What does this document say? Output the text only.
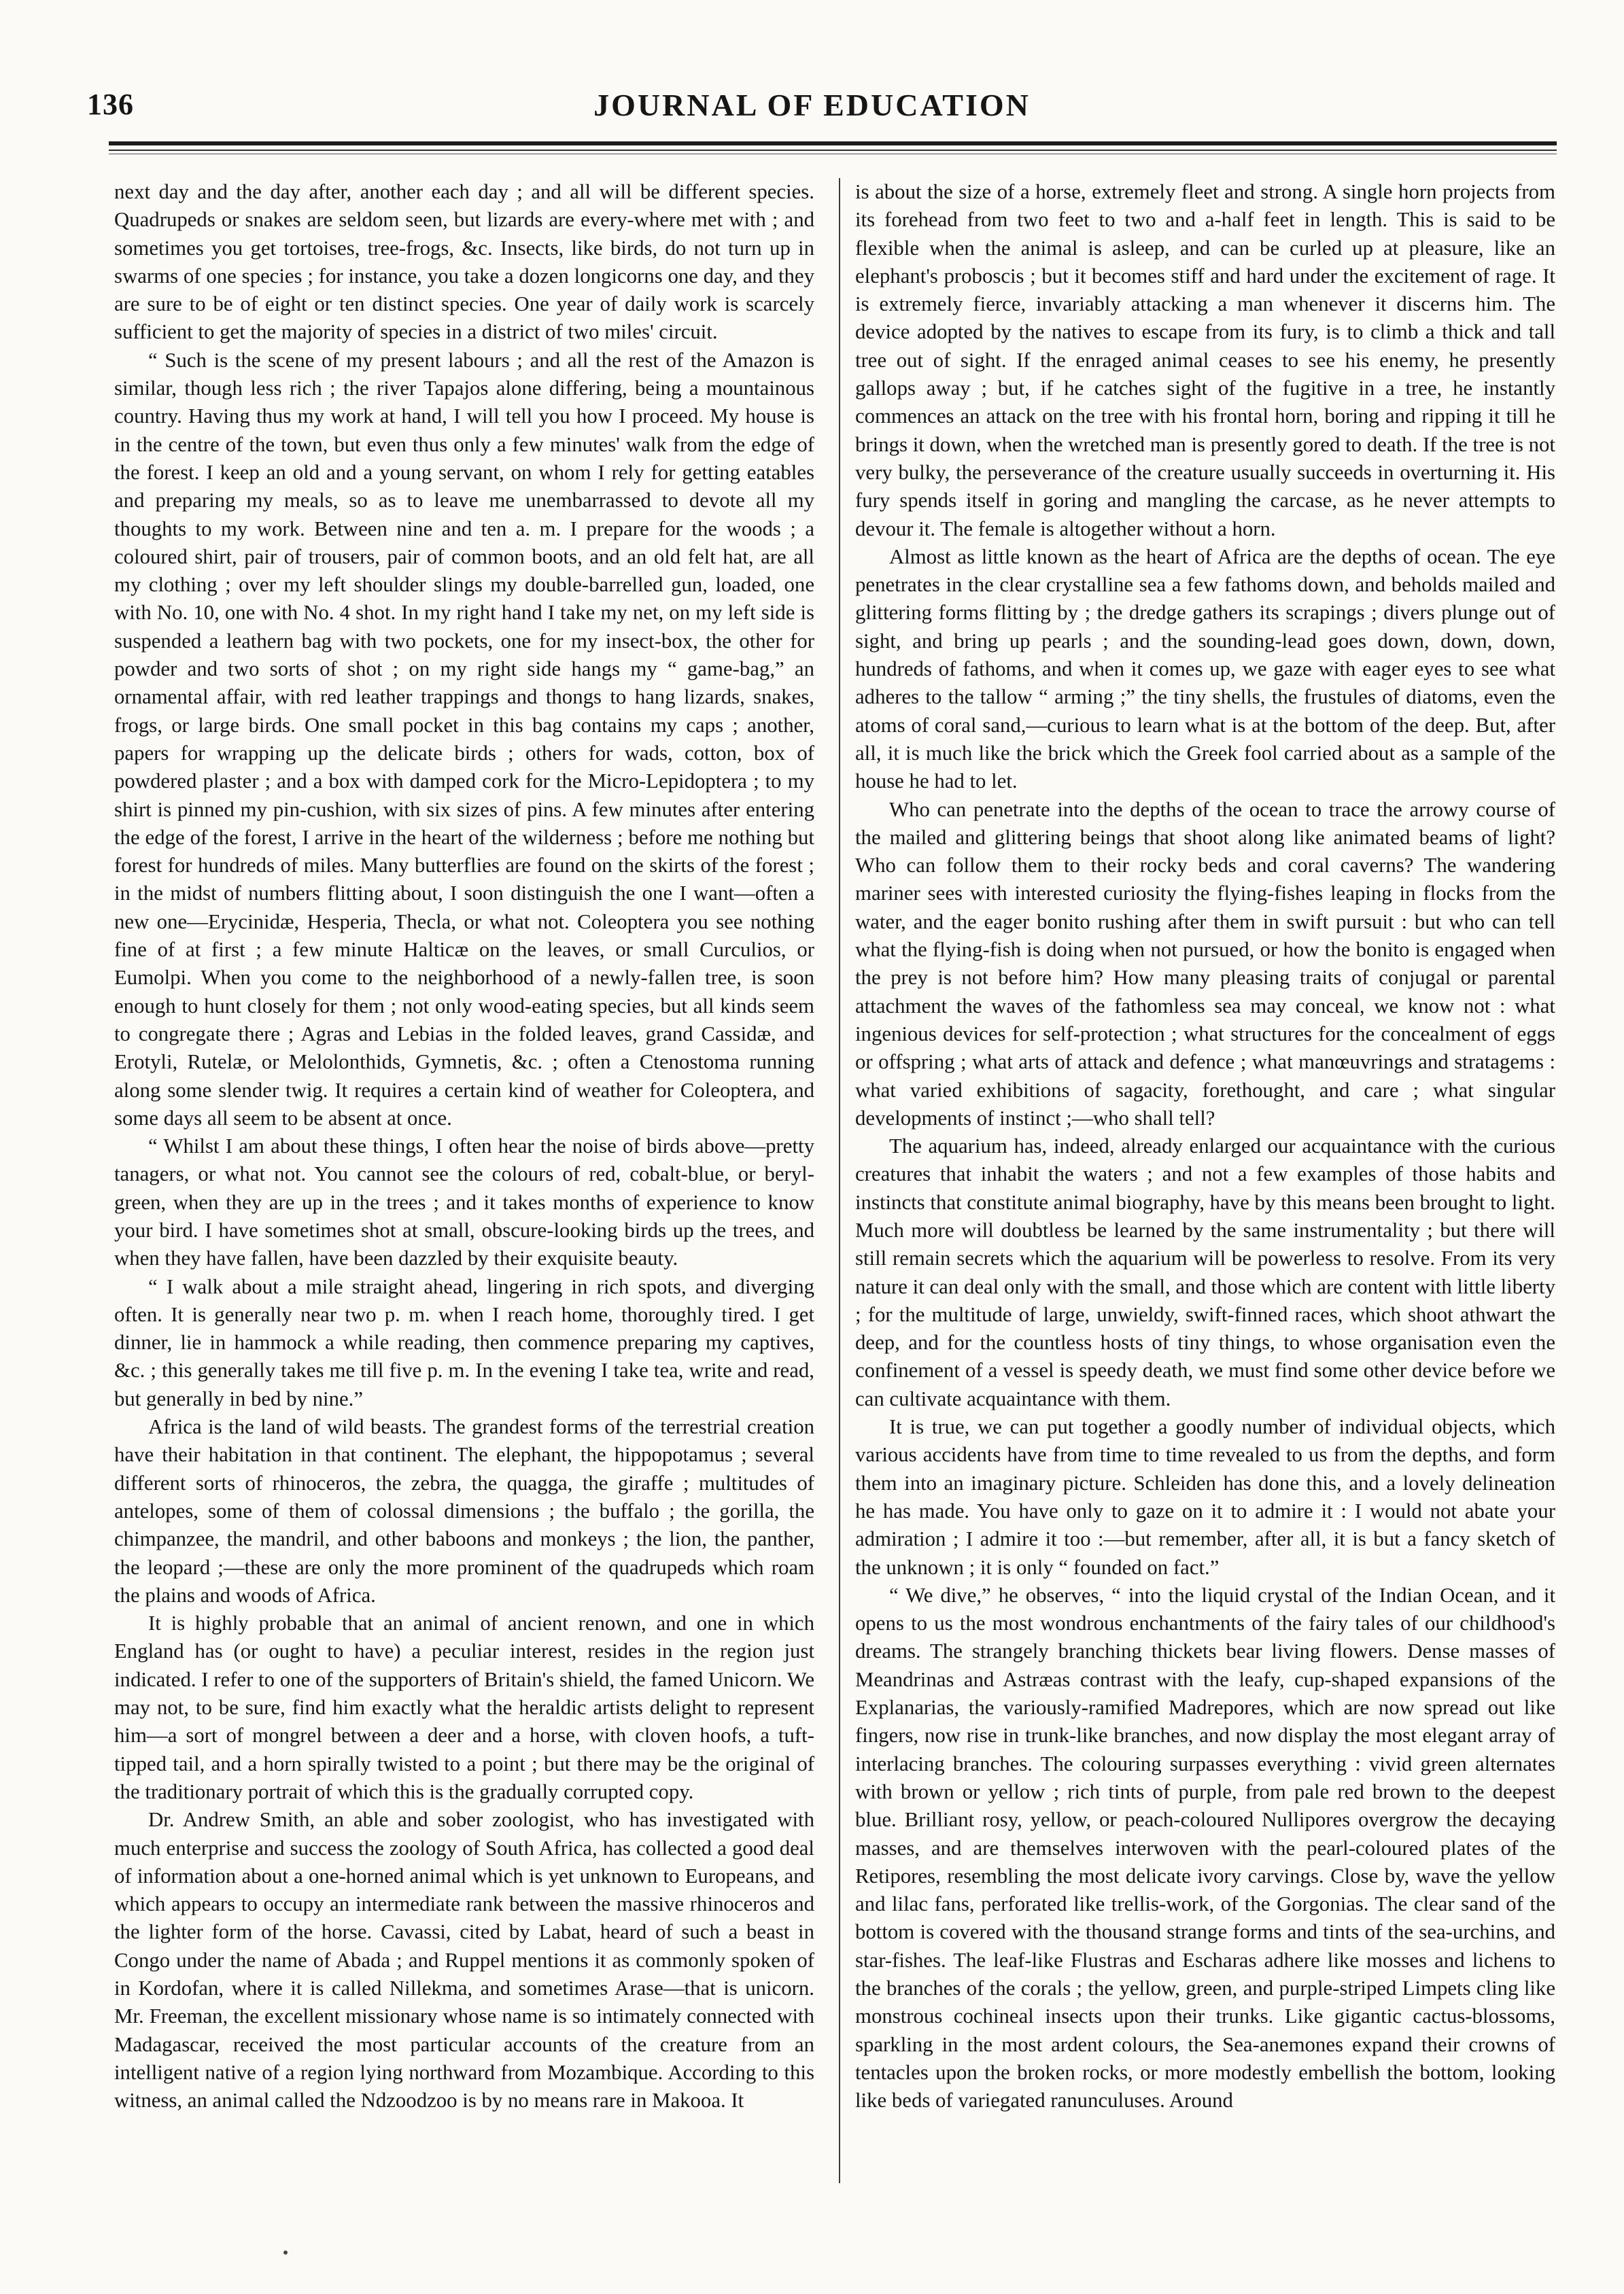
136	JOURNAL OF EDUCATION

next day and the day after, another each day ; and all will be different species. Quadrupeds or snakes are seldom seen, but lizards are every-where met with ; and sometimes you get tortoises, tree-frogs, &c. Insects, like birds, do not turn up in swarms of one species ; for instance, you take a dozen longicorns one day, and they are sure to be of eight or ten distinct species. One year of daily work is scarcely sufficient to get the majority of species in a district of two miles' circuit.

“ Such is the scene of my present labours ; and all the rest of the Amazon is similar, though less rich ; the river Tapajos alone differing, being a mountainous country. Having thus my work at hand, I will tell you how I proceed. My house is in the centre of the town, but even thus only a few minutes' walk from the edge of the forest. I keep an old and a young servant, on whom I rely for getting eatables and preparing my meals, so as to leave me unembarrassed to devote all my thoughts to my work. Between nine and ten a. m. I prepare for the woods ; a coloured shirt, pair of trousers, pair of common boots, and an old felt hat, are all my clothing ; over my left shoulder slings my double-barrelled gun, loaded, one with No. 10, one with No. 4 shot. In my right hand I take my net, on my left side is suspended a leathern bag with two pockets, one for my insect-box, the other for powder and two sorts of shot ; on my right side hangs my “ game-bag,” an ornamental affair, with red leather trappings and thongs to hang lizards, snakes, frogs, or large birds. One small pocket in this bag contains my caps ; another, papers for wrapping up the delicate birds ; others for wads, cotton, box of powdered plaster ; and a box with damped cork for the Micro-Lepidoptera ; to my shirt is pinned my pin-cushion, with six sizes of pins. A few minutes after entering the edge of the forest, I arrive in the heart of the wilderness ; before me nothing but forest for hundreds of miles. Many butterflies are found on the skirts of the forest ; in the midst of numbers flitting about, I soon distinguish the one I want—often a new one—Erycinidæ, Hesperia, Thecla, or what not. Coleoptera you see nothing fine of at first ; a few minute Halticæ on the leaves, or small Curculios, or Eumolpi. When you come to the neighborhood of a newly-fallen tree, is soon enough to hunt closely for them ; not only wood-eating species, but all kinds seem to congregate there ; Agras and Lebias in the folded leaves, grand Cassidæ, and Erotyli, Rutelæ, or Melolonthids, Gymnetis, &c. ; often a Ctenostoma running along some slender twig. It requires a certain kind of weather for Coleoptera, and some days all seem to be absent at once.

“ Whilst I am about these things, I often hear the noise of birds above—pretty tanagers, or what not. You cannot see the colours of red, cobalt-blue, or beryl-green, when they are up in the trees ; and it takes months of experience to know your bird. I have sometimes shot at small, obscure-looking birds up the trees, and when they have fallen, have been dazzled by their exquisite beauty.

“ I walk about a mile straight ahead, lingering in rich spots, and diverging often. It is generally near two p. m. when I reach home, thoroughly tired. I get dinner, lie in hammock a while reading, then commence preparing my captives, &c. ; this generally takes me till five p. m. In the evening I take tea, write and read, but generally in bed by nine.”

Africa is the land of wild beasts. The grandest forms of the terrestrial creation have their habitation in that continent. The elephant, the hippopotamus ; several different sorts of rhinoceros, the zebra, the quagga, the giraffe ; multitudes of antelopes, some of them of colossal dimensions ; the buffalo ; the gorilla, the chimpanzee, the mandril, and other baboons and monkeys ; the lion, the panther, the leopard ;—these are only the more prominent of the quadrupeds which roam the plains and woods of Africa.

It is highly probable that an animal of ancient renown, and one in which England has (or ought to have) a peculiar interest, resides in the region just indicated. I refer to one of the supporters of Britain's shield, the famed Unicorn. We may not, to be sure, find him exactly what the heraldic artists delight to represent him—a sort of mongrel between a deer and a horse, with cloven hoofs, a tuft-tipped tail, and a horn spirally twisted to a point ; but there may be the original of the traditionary portrait of which this is the gradually corrupted copy.

Dr. Andrew Smith, an able and sober zoologist, who has investigated with much enterprise and success the zoology of South Africa, has collected a good deal of information about a one-horned animal which is yet unknown to Europeans, and which appears to occupy an intermediate rank between the massive rhinoceros and the lighter form of the horse. Cavassi, cited by Labat, heard of such a beast in Congo under the name of Abada ; and Ruppel mentions it as commonly spoken of in Kordofan, where it is called Nillekma, and sometimes Arase—that is unicorn. Mr. Freeman, the excellent missionary whose name is so intimately connected with Madagascar, received the most particular accounts of the creature from an intelligent native of a region lying northward from Mozambique. According to this witness, an animal called the Ndzoodzoo is by no means rare in Makooa. It

is about the size of a horse, extremely fleet and strong. A single horn projects from its forehead from two feet to two and a-half feet in length. This is said to be flexible when the animal is asleep, and can be curled up at pleasure, like an elephant's proboscis ; but it becomes stiff and hard under the excitement of rage. It is extremely fierce, invariably attacking a man whenever it discerns him. The device adopted by the natives to escape from its fury, is to climb a thick and tall tree out of sight. If the enraged animal ceases to see his enemy, he presently gallops away ; but, if he catches sight of the fugitive in a tree, he instantly commences an attack on the tree with his frontal horn, boring and ripping it till he brings it down, when the wretched man is presently gored to death. If the tree is not very bulky, the perseverance of the creature usually succeeds in overturning it. His fury spends itself in goring and mangling the carcase, as he never attempts to devour it. The female is altogether without a horn.

Almost as little known as the heart of Africa are the depths of ocean. The eye penetrates in the clear crystalline sea a few fathoms down, and beholds mailed and glittering forms flitting by ; the dredge gathers its scrapings ; divers plunge out of sight, and bring up pearls ; and the sounding-lead goes down, down, down, hundreds of fathoms, and when it comes up, we gaze with eager eyes to see what adheres to the tallow “ arming ;” the tiny shells, the frustules of diatoms, even the atoms of coral sand,—curious to learn what is at the bottom of the deep. But, after all, it is much like the brick which the Greek fool carried about as a sample of the house he had to let.

Who can penetrate into the depths of the ocean to trace the arrowy course of the mailed and glittering beings that shoot along like animated beams of light? Who can follow them to their rocky beds and coral caverns? The wandering mariner sees with interested curiosity the flying-fishes leaping in flocks from the water, and the eager bonito rushing after them in swift pursuit : but who can tell what the flying-fish is doing when not pursued, or how the bonito is engaged when the prey is not before him? How many pleasing traits of conjugal or parental attachment the waves of the fathomless sea may conceal, we know not : what ingenious devices for self-protection ; what structures for the concealment of eggs or offspring ; what arts of attack and defence ; what manœuvrings and stratagems : what varied exhibitions of sagacity, forethought, and care ; what singular developments of instinct ;—who shall tell?

The aquarium has, indeed, already enlarged our acquaintance with the curious creatures that inhabit the waters ; and not a few examples of those habits and instincts that constitute animal biography, have by this means been brought to light. Much more will doubtless be learned by the same instrumentality ; but there will still remain secrets which the aquarium will be powerless to resolve. From its very nature it can deal only with the small, and those which are content with little liberty ; for the multitude of large, unwieldy, swift-finned races, which shoot athwart the deep, and for the countless hosts of tiny things, to whose organisation even the confinement of a vessel is speedy death, we must find some other device before we can cultivate acquaintance with them.

It is true, we can put together a goodly number of individual objects, which various accidents have from time to time revealed to us from the depths, and form them into an imaginary picture. Schleiden has done this, and a lovely delineation he has made. You have only to gaze on it to admire it : I would not abate your admiration ; I admire it too :—but remember, after all, it is but a fancy sketch of the unknown ; it is only “ founded on fact.”

“ We dive,” he observes, “ into the liquid crystal of the Indian Ocean, and it opens to us the most wondrous enchantments of the fairy tales of our childhood's dreams. The strangely branching thickets bear living flowers. Dense masses of Meandrinas and Astræas contrast with the leafy, cup-shaped expansions of the Explanarias, the variously-ramified Madrepores, which are now spread out like fingers, now rise in trunk-like branches, and now display the most elegant array of interlacing branches. The colouring surpasses everything : vivid green alternates with brown or yellow ; rich tints of purple, from pale red brown to the deepest blue. Brilliant rosy, yellow, or peach-coloured Nullipores overgrow the decaying masses, and are themselves interwoven with the pearl-coloured plates of the Retipores, resembling the most delicate ivory carvings. Close by, wave the yellow and lilac fans, perforated like trellis-work, of the Gorgonias. The clear sand of the bottom is covered with the thousand strange forms and tints of the sea-urchins, and star-fishes. The leaf-like Flustras and Escharas adhere like mosses and lichens to the branches of the corals ; the yellow, green, and purple-striped Limpets cling like monstrous cochineal insects upon their trunks. Like gigantic cactus-blossoms, sparkling in the most ardent colours, the Sea-anemones expand their crowns of tentacles upon the broken rocks, or more modestly embellish the bottom, looking like beds of variegated ranunculuses. Around
